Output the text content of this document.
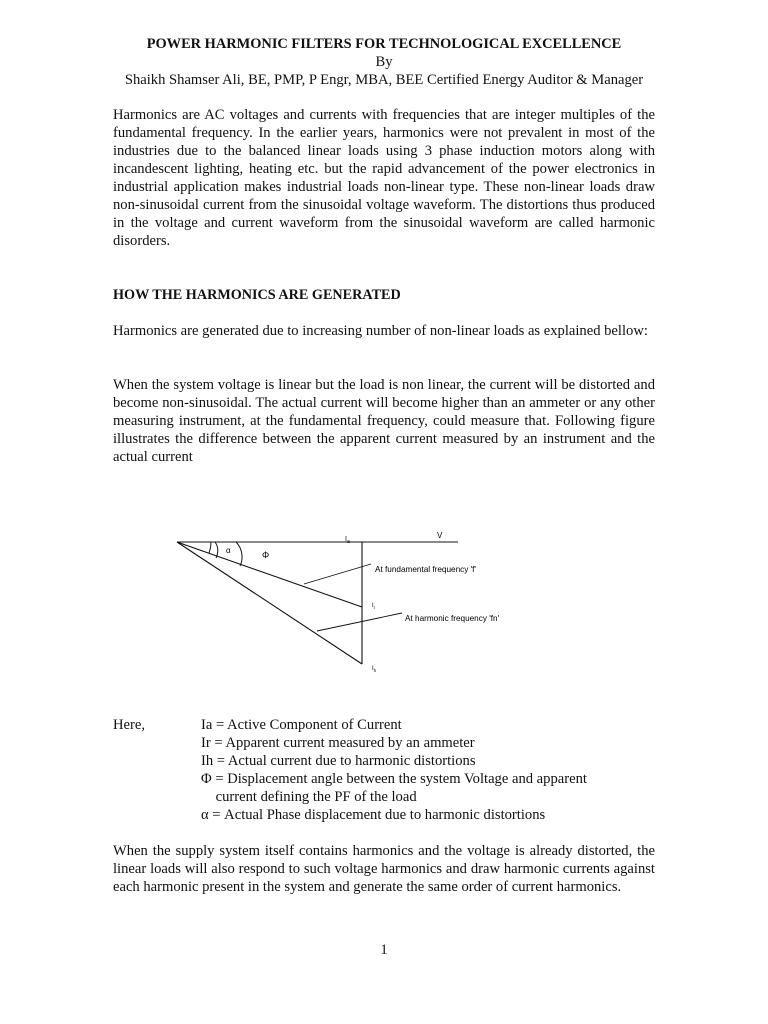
POWER HARMONIC FILTERS FOR TECHNOLOGICAL EXCELLENCE
By
Shaikh Shamser Ali, BE, PMP, P Engr, MBA, BEE Certified Energy Auditor & Manager

Harmonics are AC voltages and currents with frequencies that are integer multiples of the fundamental frequency. In the earlier years, harmonics were not prevalent in most of the industries due to the balanced linear loads using 3 phase induction motors along with incandescent lighting, heating etc. but the rapid advancement of the power electronics in industrial application makes industrial loads non-linear type. These non-linear loads draw non-sinusoidal current from the sinusoidal voltage waveform. The distortions thus produced in the voltage and current waveform from the sinusoidal waveform are called harmonic disorders.

HOW THE HARMONICS ARE GENERATED

Harmonics are generated due to increasing number of non-linear loads as explained bellow:

When the system voltage is linear but the load is non linear, the current will be distorted and become non-sinusoidal. The actual current will become higher than an ammeter or any other measuring instrument, at the fundamental frequency, could measure that. Following figure illustrates the difference between the apparent current measured by an instrument and the actual current

$I_a$
V
α	Φ
$I_r$
$I_h$
At fundamental frequency 'f'
At harmonic frequency 'fn'
Here,	Ia = Active Component of Current
Ir = Apparent current measured by an ammeter
Ih = Actual current due to harmonic distortions
Φ = Displacement angle between the system Voltage and apparent
current defining the PF of the load
α = Actual Phase displacement due to harmonic distortions

When the supply system itself contains harmonics and the voltage is already distorted, the linear loads will also respond to such voltage harmonics and draw harmonic currents against each harmonic present in the system and generate the same order of current harmonics.

1
